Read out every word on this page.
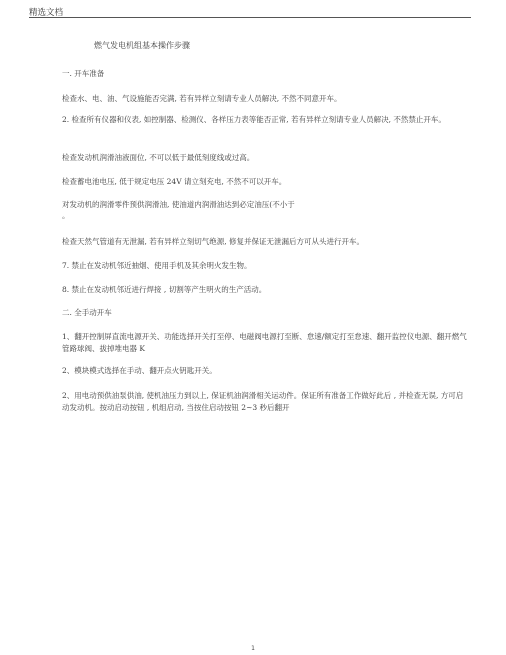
精选文档

燃气发电机组基本操作步骤

一. 开车准备

检查水、电、油、气设施能否完满, 若有异样立刻请专业人员解决, 不然不同意开车。

2. 检查所有仪器和仪表, 如控制器、检测仪、各样压力表等能否正常, 若有异样立刻请专业人员解决, 不然禁止开车。

检查发动机润滑油液面位, 不可以低于最低刻度线或过高。

检查蓄电池电压, 低于规定电压 24V 请立刻充电, 不然不可以开车。

对发动机的润滑零件预供润滑油, 使油道内润滑油达到必定油压(不小于

。

检查天然气管道有无泄漏, 若有异样立刻切气绝源, 修复并保证无泄漏后方可从头进行开车。

7. 禁止在发动机邻近抽烟、使用手机及其余明火发生物。

8. 禁止在发动机邻近进行焊接 , 切割等产生明火的生产活动。

二. 全手动开车

1、翻开控制屏直流电源开关、功能选择开关打至停、电磁阀电源打至断、怠速/额定打至怠速、翻开监控仪电源、翻开燃气管路球阀、拔掉堆电器 K

2、模块模式选择在手动、翻开点火钥匙开关。

2、用电动预供油泵供油, 使机油压力到以上, 保证机油润滑相关运动件。保证所有准备工作做好此后 , 并检查无误, 方可启动发动机。按动启动按钮 , 机组启动, 当按住启动按钮 2~3 秒后翻开

1
